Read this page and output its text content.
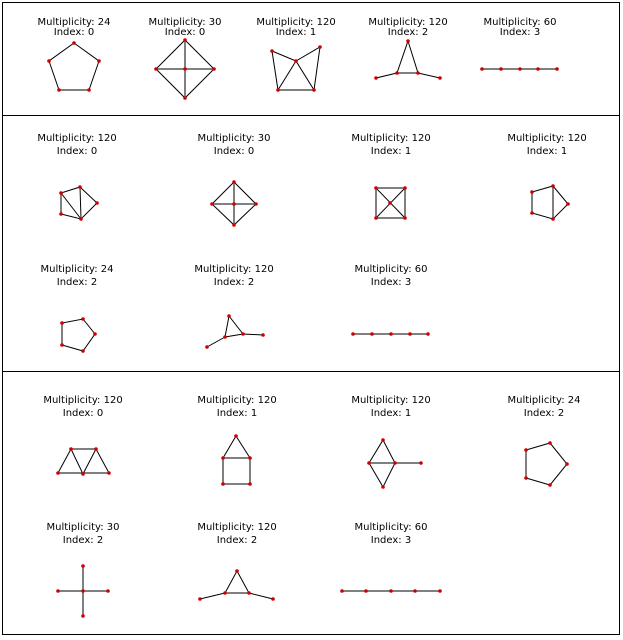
Multiplicity: 24
Index: 0
Multiplicity: 30
Index: 0
Multiplicity: 120
Index: 1
Multiplicity: 120
Index: 2
Multiplicity: 60
Index: 3
Multiplicity: 120
Index: 0
Multiplicity: 30
Index: 0
Multiplicity: 120
Index: 1
Multiplicity: 120
Index: 1
Multiplicity: 24
Index: 2
Multiplicity: 120
Index: 2
Multiplicity: 60
Index: 3
Multiplicity: 120
Index: 0
Multiplicity: 120
Index: 1
Multiplicity: 120
Index: 1
Multiplicity: 24
Index: 2
Multiplicity: 30
Index: 2
Multiplicity: 120
Index: 2
Multiplicity: 60
Index: 3
